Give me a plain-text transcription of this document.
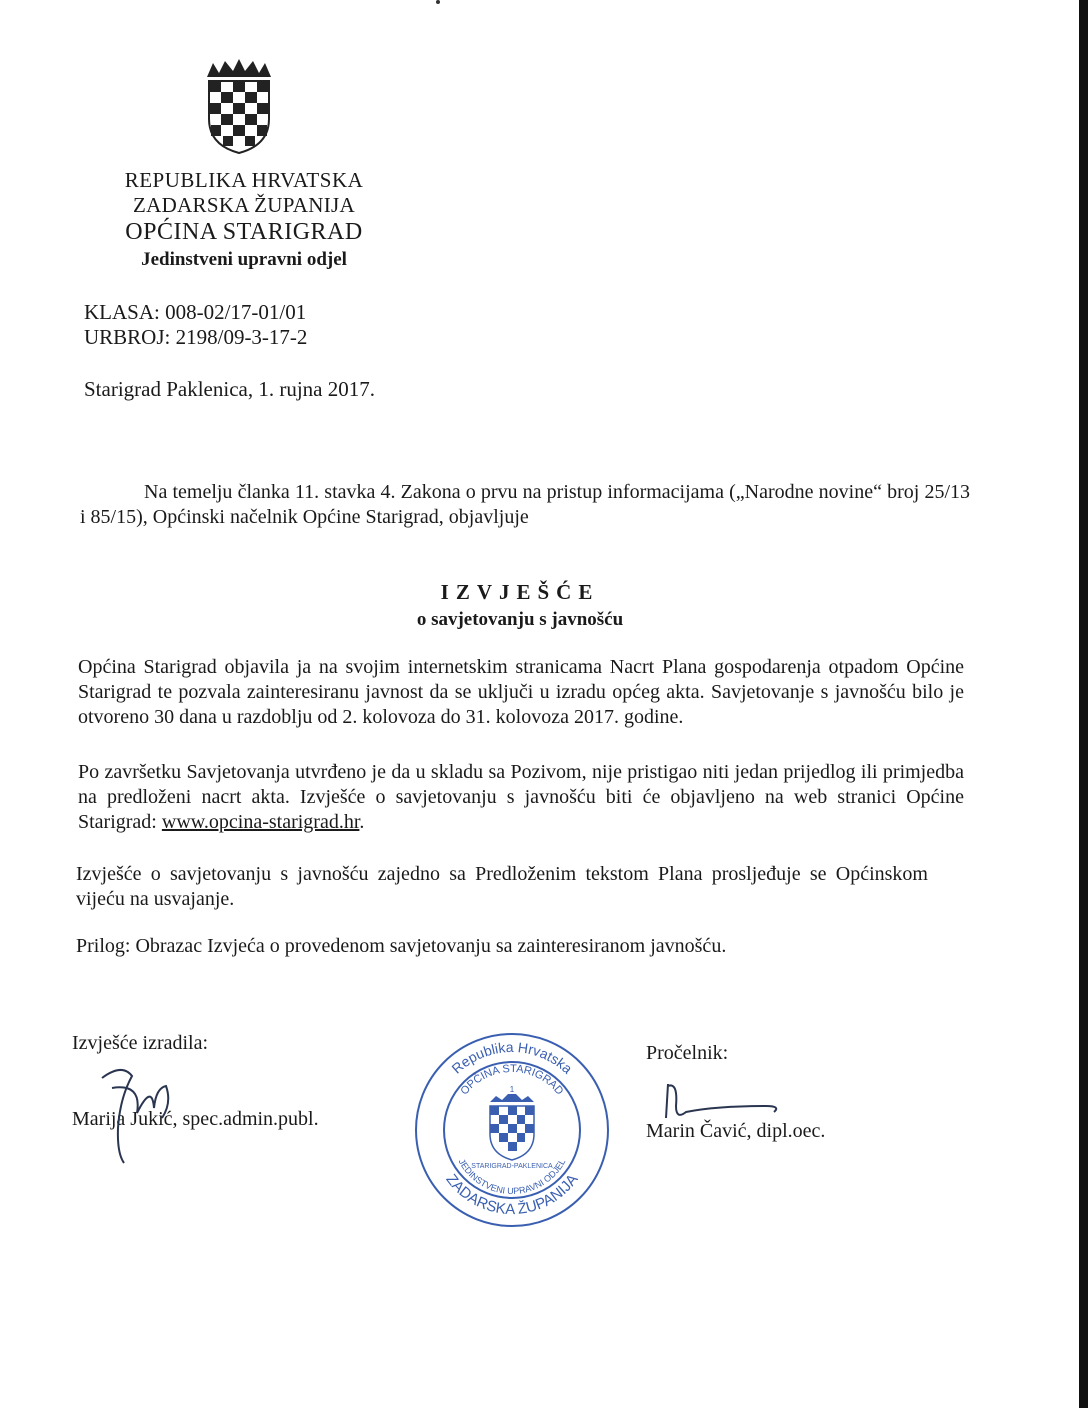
REPUBLIKA HRVATSKA
ZADARSKA ŽUPANIJA
OPĆINA STARIGRAD
Jedinstveni upravni odjel
KLASA: 008-02/17-01/01
URBROJ: 2198/09-3-17-2
Starigrad Paklenica, 1. rujna 2017.
Na temelju članka 11. stavka 4. Zakona o prvu na pristup informacijama („Narodne novine“ broj 25/13 i 85/15), Općinski načelnik Općine Starigrad, objavljuje
IZVJEŠĆE
o savjetovanju s javnošću
Općina Starigrad objavila ja na svojim internetskim stranicama Nacrt Plana gospodarenja otpadom Općine Starigrad te pozvala zainteresiranu javnost da se uključi u izradu općeg akta. Savjetovanje s javnošću bilo je otvoreno 30 dana u razdoblju od 2. kolovoza do 31. kolovoza 2017. godine.
Po završetku Savjetovanja utvrđeno je da u skladu sa Pozivom, nije pristigao niti jedan prijedlog ili primjedba na predloženi nacrt akta. Izvješće o savjetovanju s javnošću biti će objavljeno na web stranici Općine Starigrad: www.opcina-starigrad.hr.
Izvješće o savjetovanju s javnošću zajedno sa Predloženim tekstom Plana prosljeđuje se Općinskom vijeću na usvajanje.
Prilog: Obrazac Izvjeća o provedenom savjetovanju sa zainteresiranom javnošću.
Izvješće izradila:
Marija Jukić, spec.admin.publ.
Pročelnik:
Marin Čavić, dipl.oec.
Republika Hrvatska
ZADARSKA ŽUPANIJA
OPĆINA STARIGRAD
JEDINSTVENI UPRAVNI ODJEL
1
STARIGRAD-PAKLENICA
